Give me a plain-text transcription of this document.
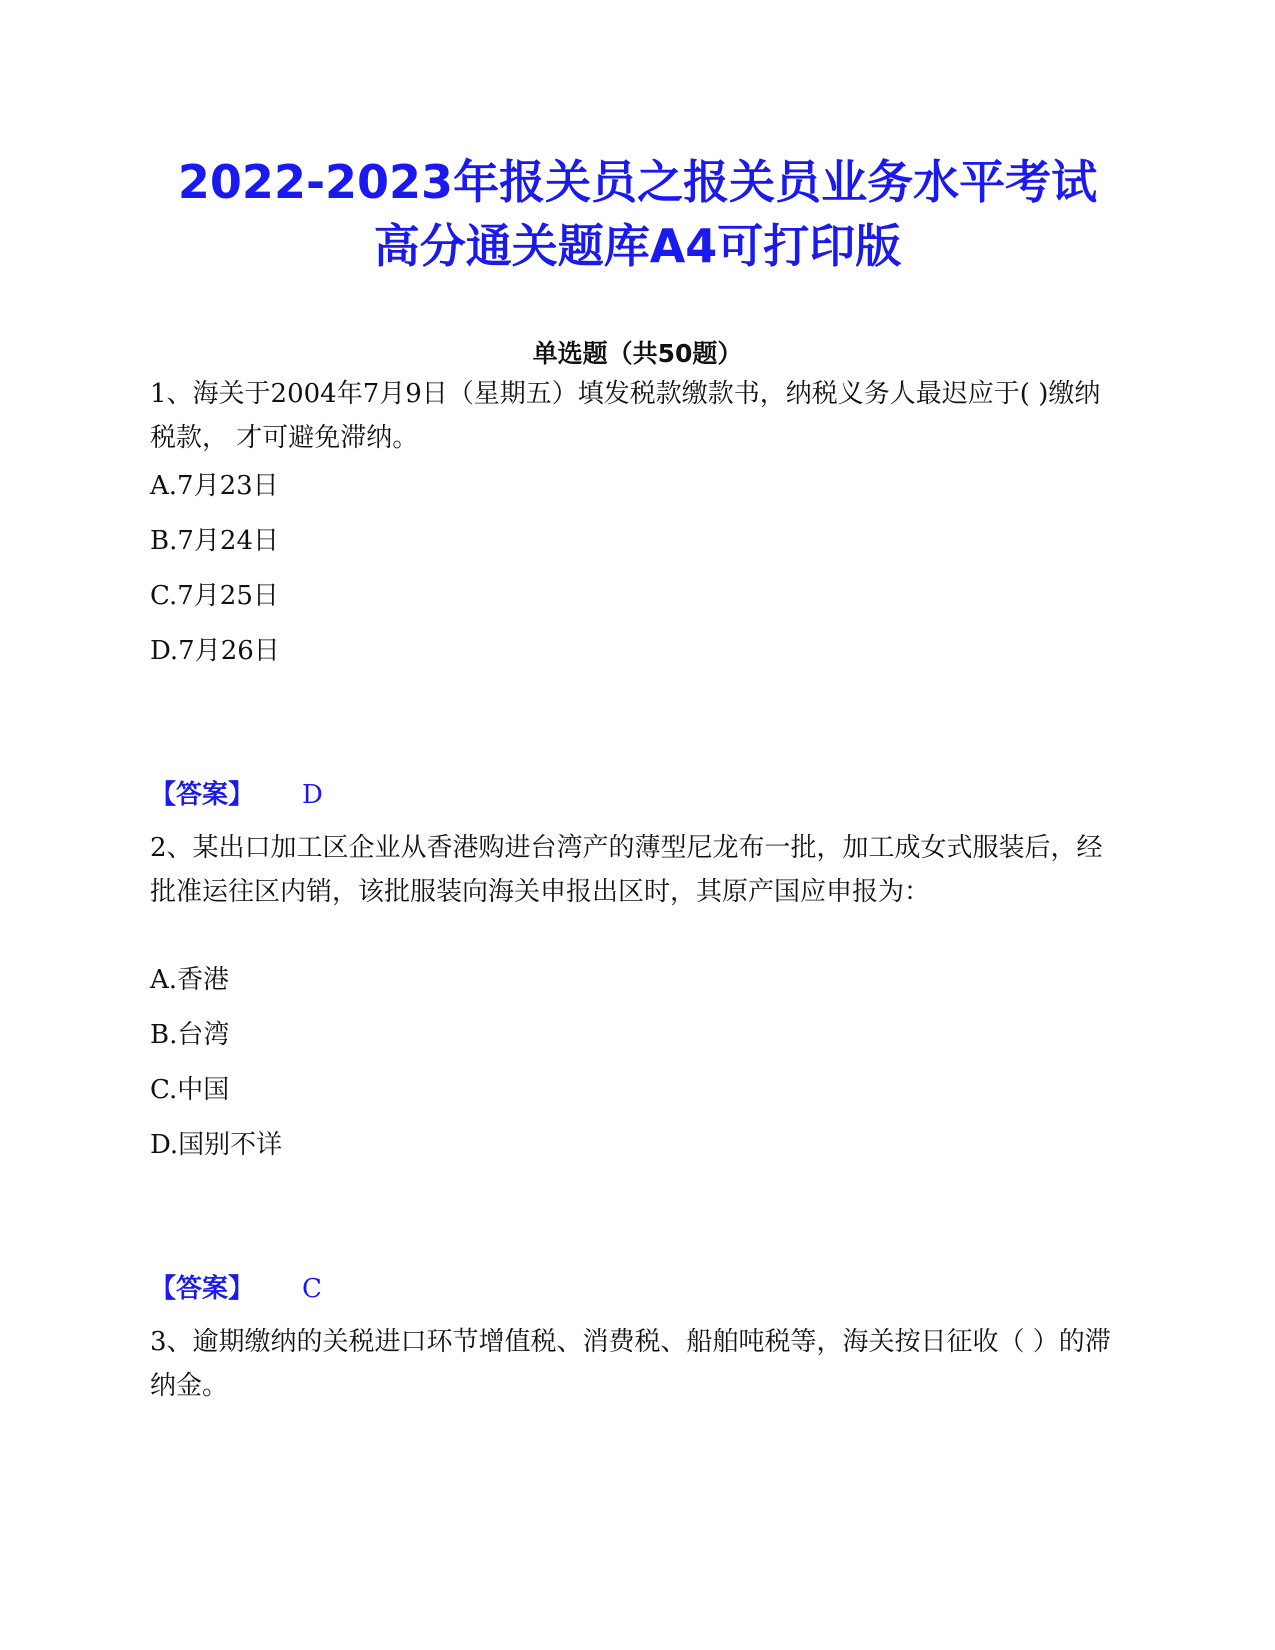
2022-2023年报关员之报关员业务水平考试
高分通关题库A4可打印版
单选题（共50题）

1、海关于2004年7月9日（星期五）填发税款缴款书，纳税义务人最迟应于( )缴纳税款， 才可避免滞纳。

A.7月23日
B.7月24日
C.7月25日
D.7月26日
【答案】 D

2、某出口加工区企业从香港购进台湾产的薄型尼龙布一批，加工成女式服装后，经批准运往区内销，该批服装向海关申报出区时，其原产国应申报为：

A.香港
B.台湾
C.中国
D.国别不详
【答案】 C

3、逾期缴纳的关税进口环节增值税、消费税、船舶吨税等，海关按日征收（ ）的滞纳金。
